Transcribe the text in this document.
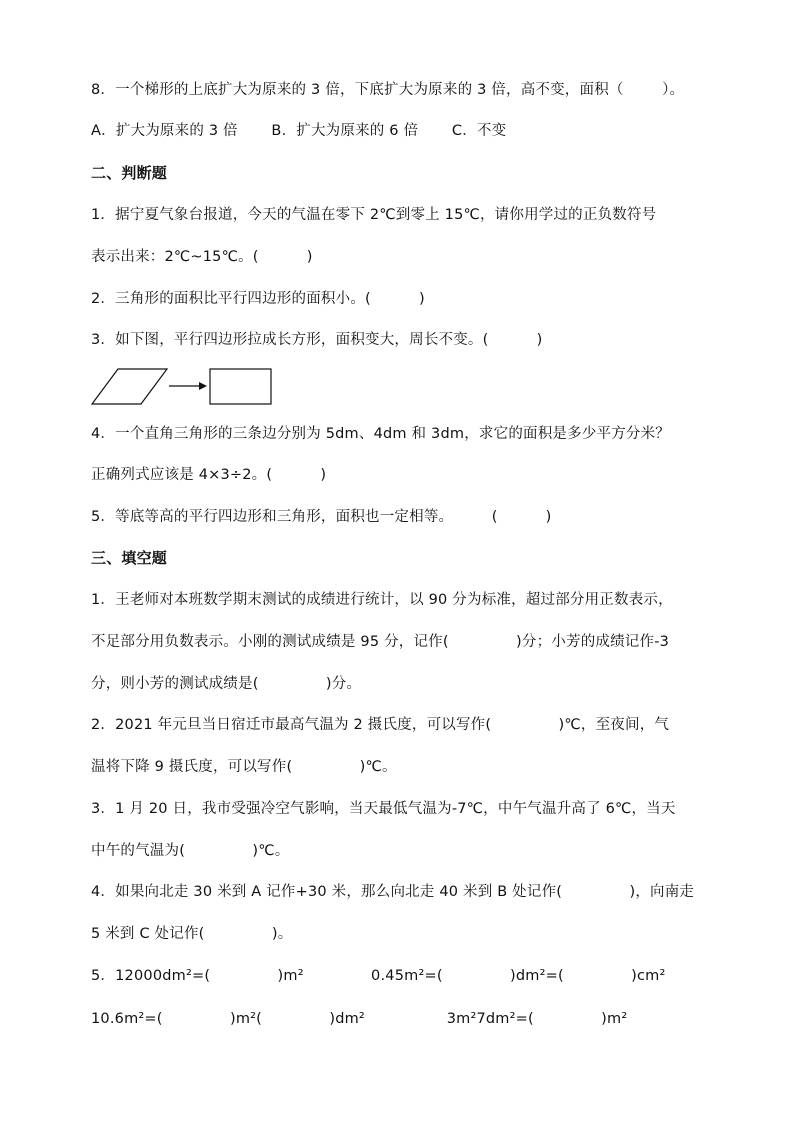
8．一个梯形的上底扩大为原来的 3 倍，下底扩大为原来的 3 倍，高不变，面积（        ）。
A．扩大为原来的 3 倍       B．扩大为原来的 6 倍       C．不变
二、判断题
1．据宁夏气象台报道，今天的气温在零下 2℃到零上 15℃，请你用学过的正负数符号
表示出来：2℃~15℃。(          )
2．三角形的面积比平行四边形的面积小。(          )
3．如下图，平行四边形拉成长方形，面积变大，周长不变。(          )
4．一个直角三角形的三条边分别为 5dm、4dm 和 3dm，求它的面积是多少平方分米？
正确列式应该是 4×3÷2。(          )
5．等底等高的平行四边形和三角形，面积也一定相等。        (          )
三、填空题
1．王老师对本班数学期末测试的成绩进行统计，以 90 分为标准，超过部分用正数表示，
不足部分用负数表示。小刚的测试成绩是 95 分，记作(              )分；小芳的成绩记作-3
分，则小芳的测试成绩是(              )分。
2．2021 年元旦当日宿迁市最高气温为 2 摄氏度，可以写作(              )℃，至夜间，气
温将下降 9 摄氏度，可以写作(              )℃。
3．1 月 20 日，我市受强冷空气影响，当天最低气温为-7℃，中午气温升高了 6℃，当天
中午的气温为(              )℃。
4．如果向北走 30 米到 A 记作+30 米，那么向北走 40 米到 B 处记作(              )，向南走
5 米到 C 处记作(              )。
5．12000dm²=(              )m²              0.45m²=(              )dm²=(              )cm²
10.6m²=(              )m²(              )dm²                 3m²7dm²=(              )m²
